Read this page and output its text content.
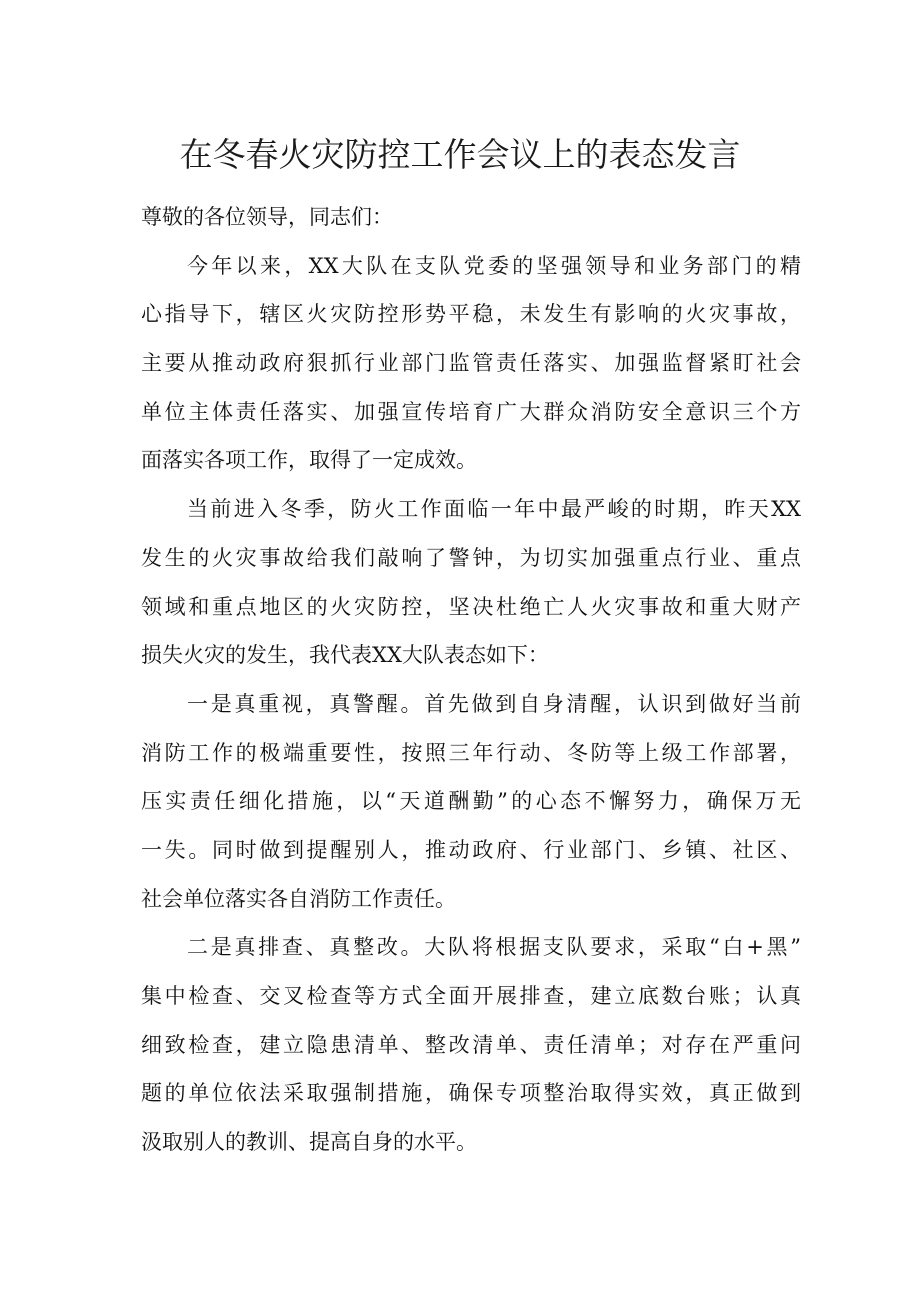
在冬春火灾防控工作会议上的表态发言
尊敬的各位领导，同志们：
今年以来，XX大队在支队党委的坚强领导和业务部门的精
心指导下，辖区火灾防控形势平稳，未发生有影响的火灾事故，
主要从推动政府狠抓行业部门监管责任落实、加强监督紧盯社会
单位主体责任落实、加强宣传培育广大群众消防安全意识三个方
面落实各项工作，取得了一定成效。
当前进入冬季，防火工作面临一年中最严峻的时期，昨天XX
发生的火灾事故给我们敲响了警钟，为切实加强重点行业、重点
领域和重点地区的火灾防控，坚决杜绝亡人火灾事故和重大财产
损失火灾的发生，我代表XX大队表态如下：
一是真重视，真警醒。首先做到自身清醒，认识到做好当前
消防工作的极端重要性，按照三年行动、冬防等上级工作部署，
压实责任细化措施，以“天道酬勤”的心态不懈努力，确保万无
一失。同时做到提醒别人，推动政府、行业部门、乡镇、社区、
社会单位落实各自消防工作责任。
二是真排查、真整改。大队将根据支队要求，采取“白+黑”
集中检查、交叉检查等方式全面开展排查，建立底数台账；认真
细致检查，建立隐患清单、整改清单、责任清单；对存在严重问
题的单位依法采取强制措施，确保专项整治取得实效，真正做到
汲取别人的教训、提高自身的水平。
